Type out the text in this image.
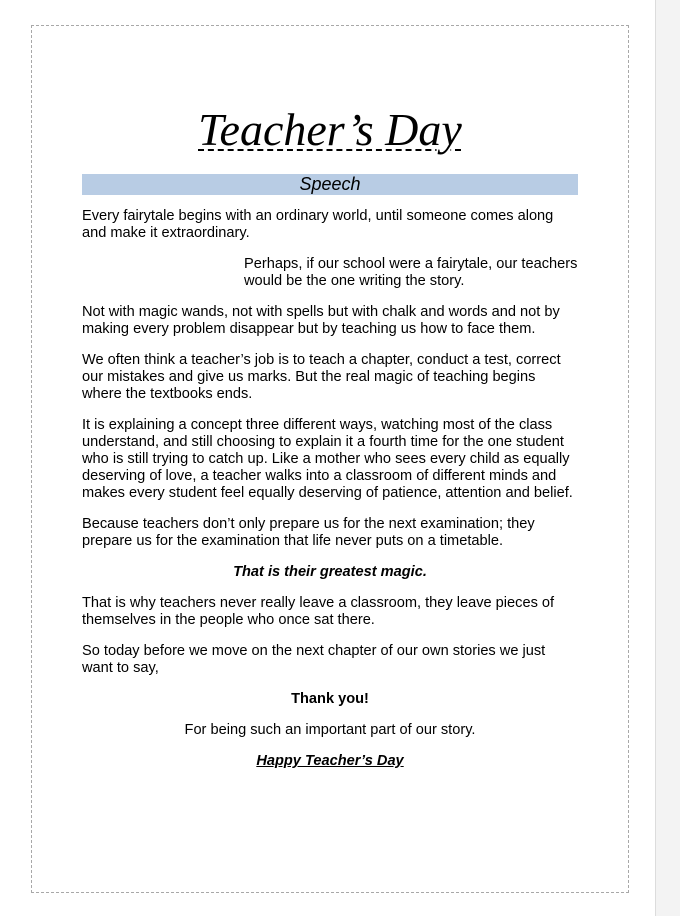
Teacher’s Day
Speech

Every fairytale begins with an ordinary world, until someone comes along and make it extraordinary.

Perhaps, if our school were a fairytale, our teachers would be the one writing the story.

Not with magic wands, not with spells but with chalk and words and not by making every problem disappear but by teaching us how to face them.

We often think a teacher’s job is to teach a chapter, conduct a test, correct our mistakes and give us marks. But the real magic of teaching begins where the textbooks ends.

It is explaining a concept three different ways, watching most of the class understand, and still choosing to explain it a fourth time for the one student who is still trying to catch up. Like a mother who sees every child as equally deserving of love, a teacher walks into a classroom of different minds and makes every student feel equally deserving of patience, attention and belief.

Because teachers don’t only prepare us for the next examination; they prepare us for the examination that life never puts on a timetable.

That is their greatest magic.

That is why teachers never really leave a classroom, they leave pieces of themselves in the people who once sat there.

So today before we move on the next chapter of our own stories we just want to say,

Thank you!

For being such an important part of our story.

Happy Teacher’s Day
